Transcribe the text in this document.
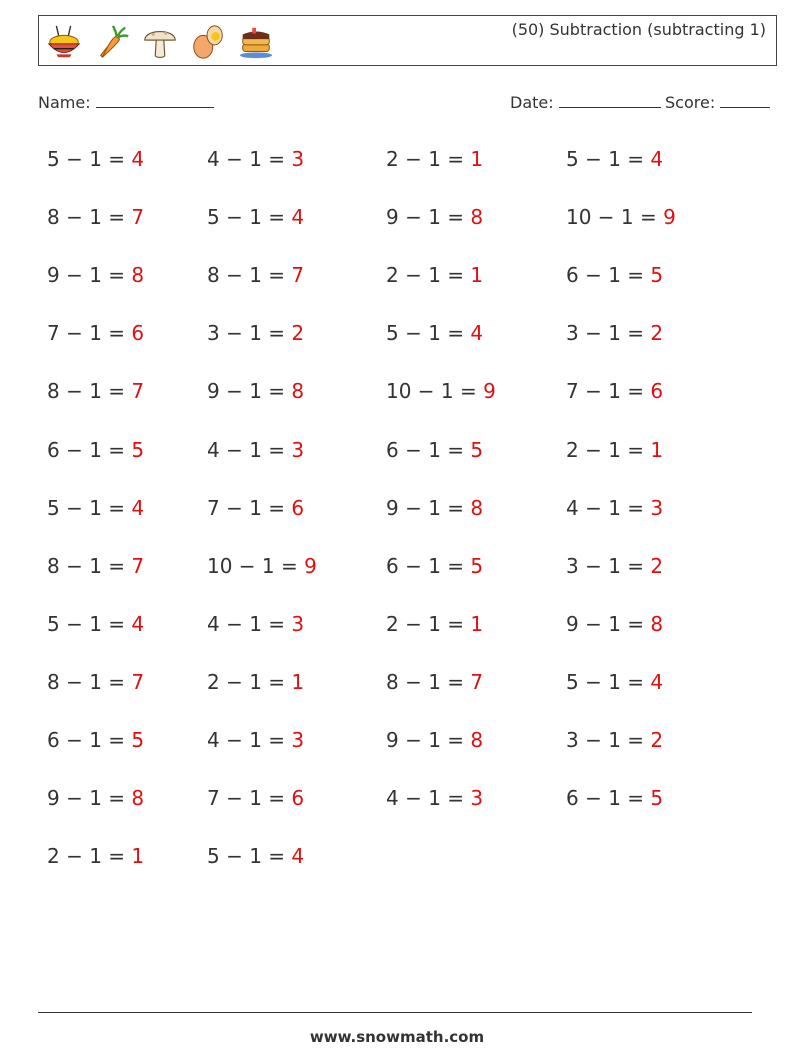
(50) Subtraction (subtracting 1)
Name:	Date:	Score:
5 − 1 = 4	4 − 1 = 3	2 − 1 = 1	5 − 1 = 4
8 − 1 = 7	5 − 1 = 4	9 − 1 = 8	10 − 1 = 9
9 − 1 = 8	8 − 1 = 7	2 − 1 = 1	6 − 1 = 5
7 − 1 = 6	3 − 1 = 2	5 − 1 = 4	3 − 1 = 2
8 − 1 = 7	9 − 1 = 8	10 − 1 = 9	7 − 1 = 6
6 − 1 = 5	4 − 1 = 3	6 − 1 = 5	2 − 1 = 1
5 − 1 = 4	7 − 1 = 6	9 − 1 = 8	4 − 1 = 3
8 − 1 = 7	10 − 1 = 9	6 − 1 = 5	3 − 1 = 2
5 − 1 = 4	4 − 1 = 3	2 − 1 = 1	9 − 1 = 8
8 − 1 = 7	2 − 1 = 1	8 − 1 = 7	5 − 1 = 4
6 − 1 = 5	4 − 1 = 3	9 − 1 = 8	3 − 1 = 2
9 − 1 = 8	7 − 1 = 6	4 − 1 = 3	6 − 1 = 5
2 − 1 = 1	5 − 1 = 4
www.snowmath.com
